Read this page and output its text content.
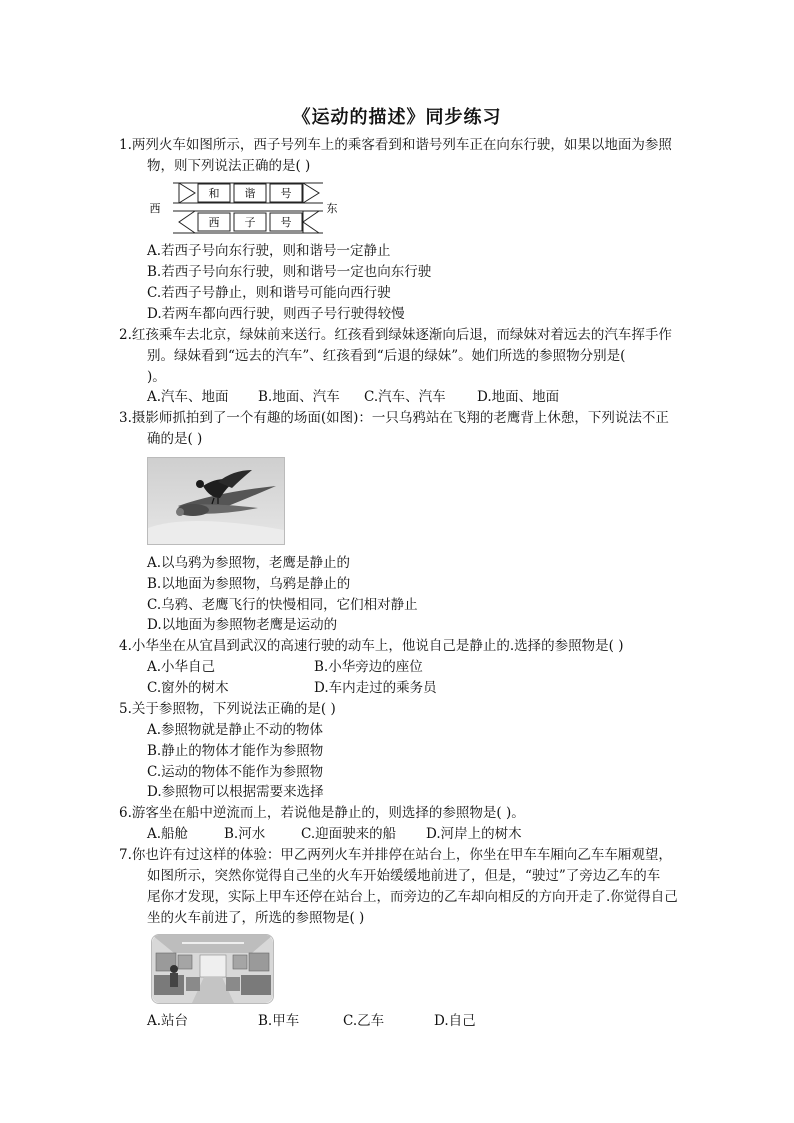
《运动的描述》同步练习
1.两列火车如图所示，西子号列车上的乘客看到和谐号列车正在向东行驶，如果以地面为参照
物，则下列说法正确的是( )
和 谐 号
西 子 号
西	东
A.若西子号向东行驶，则和谐号一定静止
B.若西子号向东行驶，则和谐号一定也向东行驶
C.若西子号静止，则和谐号可能向西行驶
D.若两车都向西行驶，则西子号行驶得较慢
2.红孩乘车去北京，绿妹前来送行。红孩看到绿妹逐渐向后退，而绿妹对着远去的汽车挥手作
别。绿妹看到“远去的汽车”、红孩看到“后退的绿妹”。她们所选的参照物分别是(
)。
A.汽车、地面 B.地面、汽车 C.汽车、汽车 D.地面、地面
3.摄影师抓拍到了一个有趣的场面(如图)：一只乌鸦站在飞翔的老鹰背上休憩，下列说法不正
确的是( )
A.以乌鸦为参照物，老鹰是静止的
B.以地面为参照物，乌鸦是静止的
C.乌鸦、老鹰飞行的快慢相同，它们相对静止
D.以地面为参照物老鹰是运动的
4.小华坐在从宜昌到武汉的高速行驶的动车上，他说自己是静止的.选择的参照物是( )
A.小华自己	B.小华旁边的座位
C.窗外的树木	D.车内走过的乘务员
5.关于参照物，下列说法正确的是( )
A.参照物就是静止不动的物体
B.静止的物体才能作为参照物
C.运动的物体不能作为参照物
D.参照物可以根据需要来选择
6.游客坐在船中逆流而上，若说他是静止的，则选择的参照物是( )。
A.船舱	B.河水	C.迎面驶来的船 D.河岸上的树木
7.你也许有过这样的体验：甲乙两列火车并排停在站台上，你坐在甲车车厢向乙车车厢观望，
如图所示，突然你觉得自己坐的火车开始缓缓地前进了，但是，“驶过”了旁边乙车的车
尾你才发现，实际上甲车还停在站台上，而旁边的乙车却向相反的方向开走了.你觉得自己
坐的火车前进了，所选的参照物是( )
A.站台	B.甲车	C.乙车	D.自己
